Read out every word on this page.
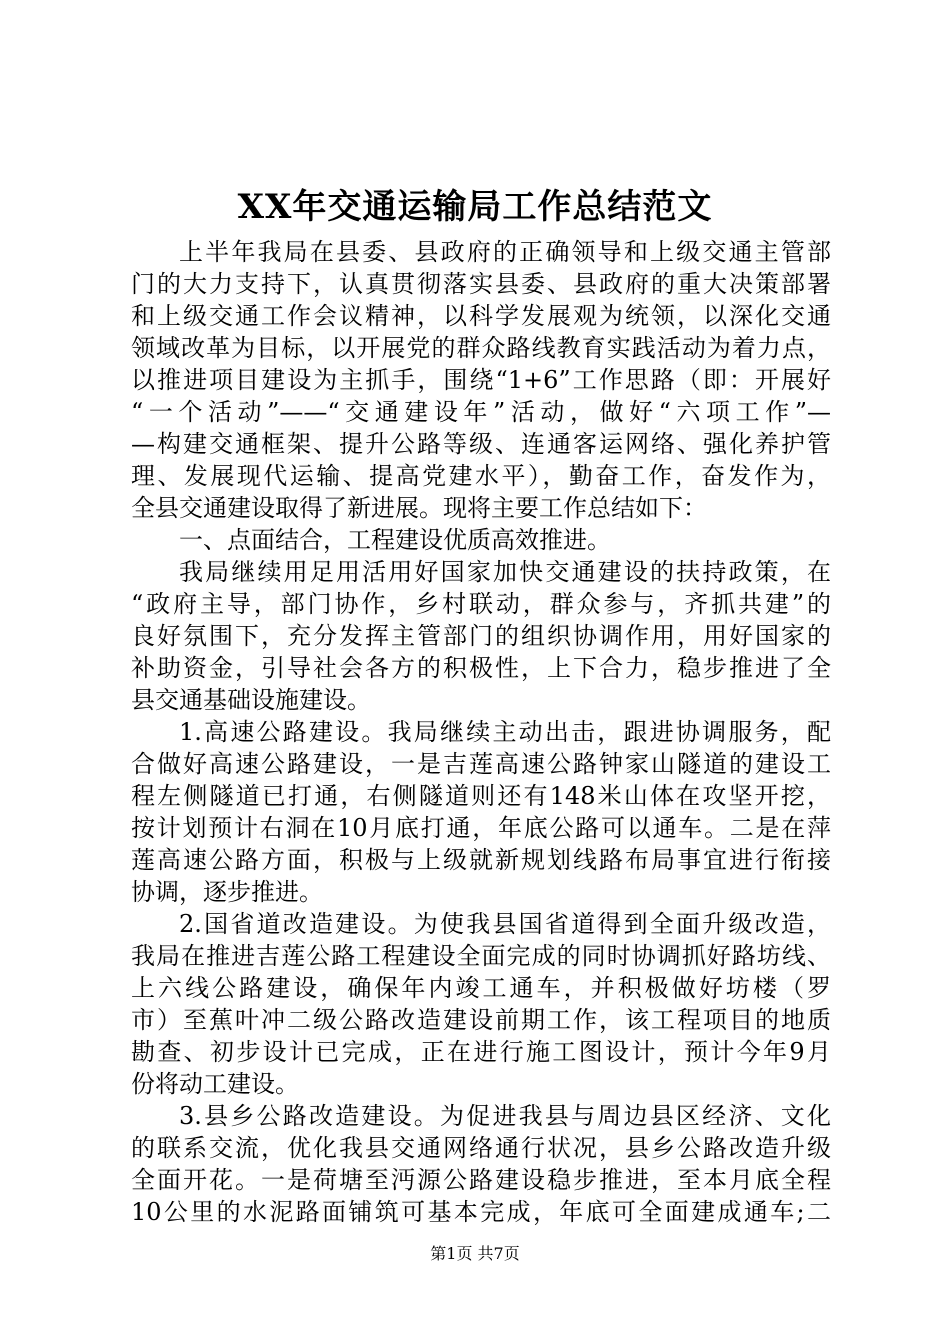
XX年交通运输局工作总结范文
上半年我局在县委、县政府的正确领导和上级交通主管部
门的大力支持下，认真贯彻落实县委、县政府的重大决策部署
和上级交通工作会议精神，以科学发展观为统领，以深化交通
领域改革为目标，以开展党的群众路线教育实践活动为着力点，
以推进项目建设为主抓手，围绕“1+6”工作思路（即：开展好
“一个活动”——“交通建设年”活动，做好“六项工作”—
—构建交通框架、提升公路等级、连通客运网络、强化养护管
理、发展现代运输、提高党建水平），勤奋工作，奋发作为，
全县交通建设取得了新进展。现将主要工作总结如下：
一、点面结合，工程建设优质高效推进。
我局继续用足用活用好国家加快交通建设的扶持政策，在
“政府主导，部门协作，乡村联动，群众参与，齐抓共建”的
良好氛围下，充分发挥主管部门的组织协调作用，用好国家的
补助资金，引导社会各方的积极性，上下合力，稳步推进了全
县交通基础设施建设。
1.高速公路建设。我局继续主动出击，跟进协调服务，配
合做好高速公路建设，一是吉莲高速公路钟家山隧道的建设工
程左侧隧道已打通，右侧隧道则还有148米山体在攻坚开挖，
按计划预计右洞在10月底打通，年底公路可以通车。二是在萍
莲高速公路方面，积极与上级就新规划线路布局事宜进行衔接
协调，逐步推进。
2.国省道改造建设。为使我县国省道得到全面升级改造，
我局在推进吉莲公路工程建设全面完成的同时协调抓好路坊线、
上六线公路建设，确保年内竣工通车，并积极做好坊楼（罗
市）至蕉叶冲二级公路改造建设前期工作，该工程项目的地质
勘查、初步设计已完成，正在进行施工图设计，预计今年9月
份将动工建设。
3.县乡公路改造建设。为促进我县与周边县区经济、文化
的联系交流，优化我县交通网络通行状况，县乡公路改造升级
全面开花。一是荷塘至沔源公路建设稳步推进，至本月底全程
10公里的水泥路面铺筑可基本完成，年底可全面建成通车;二
第1页 共7页
